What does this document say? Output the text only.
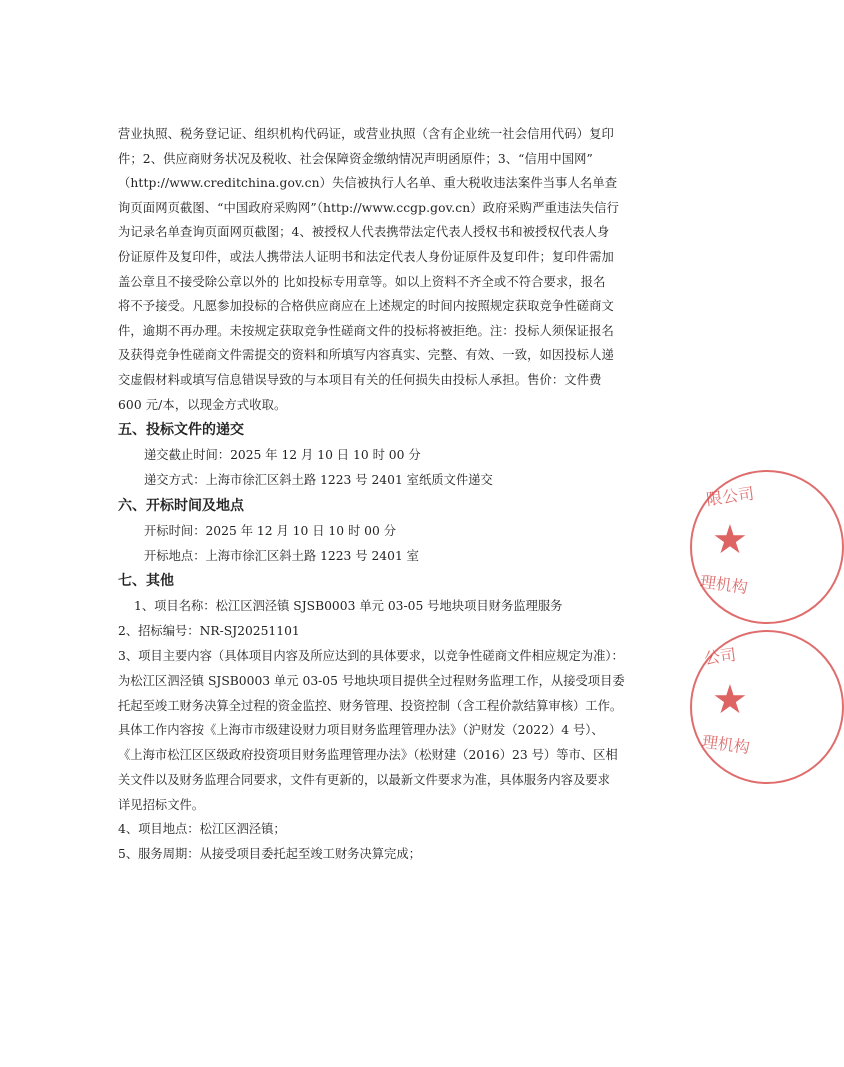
营业执照、税务登记证、组织机构代码证，或营业执照（含有企业统一社会信用代码）复印

件；2、供应商财务状况及税收、社会保障资金缴纳情况声明函原件；3、“信用中国网”

（http://www.creditchina.gov.cn）失信被执行人名单、重大税收违法案件当事人名单查

询页面网页截图、“中国政府采购网”（http://www.ccgp.gov.cn）政府采购严重违法失信行

为记录名单查询页面网页截图；4、被授权人代表携带法定代表人授权书和被授权代表人身

份证原件及复印件，或法人携带法人证明书和法定代表人身份证原件及复印件；复印件需加

盖公章且不接受除公章以外的 比如投标专用章等。如以上资料不齐全或不符合要求，报名

将不予接受。凡愿参加投标的合格供应商应在上述规定的时间内按照规定获取竞争性磋商文

件，逾期不再办理。未按规定获取竞争性磋商文件的投标将被拒绝。注：投标人须保证报名

及获得竞争性磋商文件需提交的资料和所填写内容真实、完整、有效、一致，如因投标人递

交虚假材料或填写信息错误导致的与本项目有关的任何损失由投标人承担。售价：文件费

600 元/本，以现金方式收取。

五、投标文件的递交

递交截止时间：2025 年 12 月 10 日 10 时 00 分

递交方式：上海市徐汇区斜土路 1223 号 2401 室纸质文件递交

六、开标时间及地点

开标时间：2025 年 12 月 10 日 10 时 00 分

开标地点：上海市徐汇区斜土路 1223 号 2401 室

七、其他

1、项目名称：松江区泗泾镇 SJSB0003 单元 03-05 号地块项目财务监理服务

2、招标编号：NR-SJ20251101

3、项目主要内容（具体项目内容及所应达到的具体要求，以竞争性磋商文件相应规定为准）：

为松江区泗泾镇 SJSB0003 单元 03-05 号地块项目提供全过程财务监理工作，从接受项目委

托起至竣工财务决算全过程的资金监控、财务管理、投资控制（含工程价款结算审核）工作。

具体工作内容按《上海市市级建设财力项目财务监理管理办法》（沪财发（2022）4 号）、

《上海市松江区区级政府投资项目财务监理管理办法》（松财建（2016）23 号）等市、区相

关文件以及财务监理合同要求，文件有更新的，以最新文件要求为准，具体服务内容及要求

详见招标文件。

4、项目地点：松江区泗泾镇；

5、服务周期：从接受项目委托起至竣工财务决算完成；

限公司
★
理机构
公司
★
理机构
